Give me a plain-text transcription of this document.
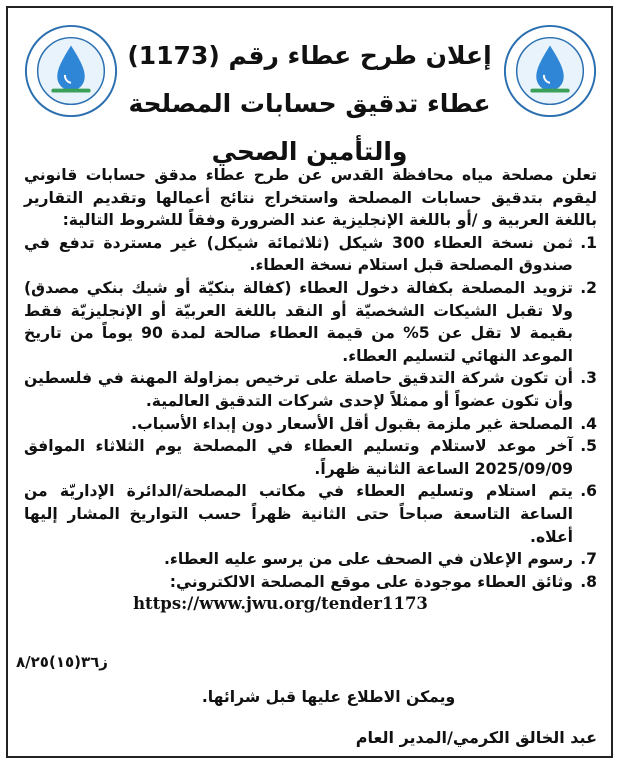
إعلان طرح عطاء رقم (1173)
عطاء تدقيق حسابات المصلحة
والتأمين الصحي

تعلن مصلحة مياه محافظة القدس عن طرح عطاء مدقق حسابات قانوني ليقوم بتدقيق حسابات المصلحة واستخراج نتائج أعمالها وتقديم التقارير باللغة العربية و /أو باللغة الإنجليزية عند الضرورة وفقاً للشروط التالية:

1.
ثمن نسخة العطاء 300 شيكل (ثلاثمائة شيكل) غير مستردة تدفع في صندوق المصلحة قبل استلام نسخة العطاء.
2.
تزويد المصلحة بكفالة دخول العطاء (كفالة بنكيّة أو شيك بنكي مصدق) ولا تقبل الشيكات الشخصيّة أو النقد باللغة العربيّة أو الإنجليزيّة فقط بقيمة لا تقل عن 5% من قيمة العطاء صالحة لمدة 90 يوماً من تاريخ الموعد النهائي لتسليم العطاء.
3.
أن تكون شركة التدقيق حاصلة على ترخيص بمزاولة المهنة في فلسطين وأن تكون عضواً أو ممثلاً لإحدى شركات التدقيق العالمية.
4.
المصلحة غير ملزمة بقبول أقل الأسعار دون إبداء الأسباب.
5.
آخر موعد لاستلام وتسليم العطاء في المصلحة يوم الثلاثاء الموافق 2025/09/09 الساعة الثانية ظهراً.
6.
يتم استلام وتسليم العطاء في مكاتب المصلحة/الدائرة الإداريّة من الساعة التاسعة صباحاً حتى الثانية ظهراً حسب التواريخ المشار إليها أعلاه.
7.
رسوم الإعلان في الصحف على من يرسو عليه العطاء.
8.
وثائق العطاء موجودة على موقع المصلحة الالكتروني:
https://www.jwu.org/tender1173
ز٣٦(١٥)٨/٢٥
ويمكن الاطلاع عليها قبل شرائها.
عبد الخالق الكرمي/المدير العام
